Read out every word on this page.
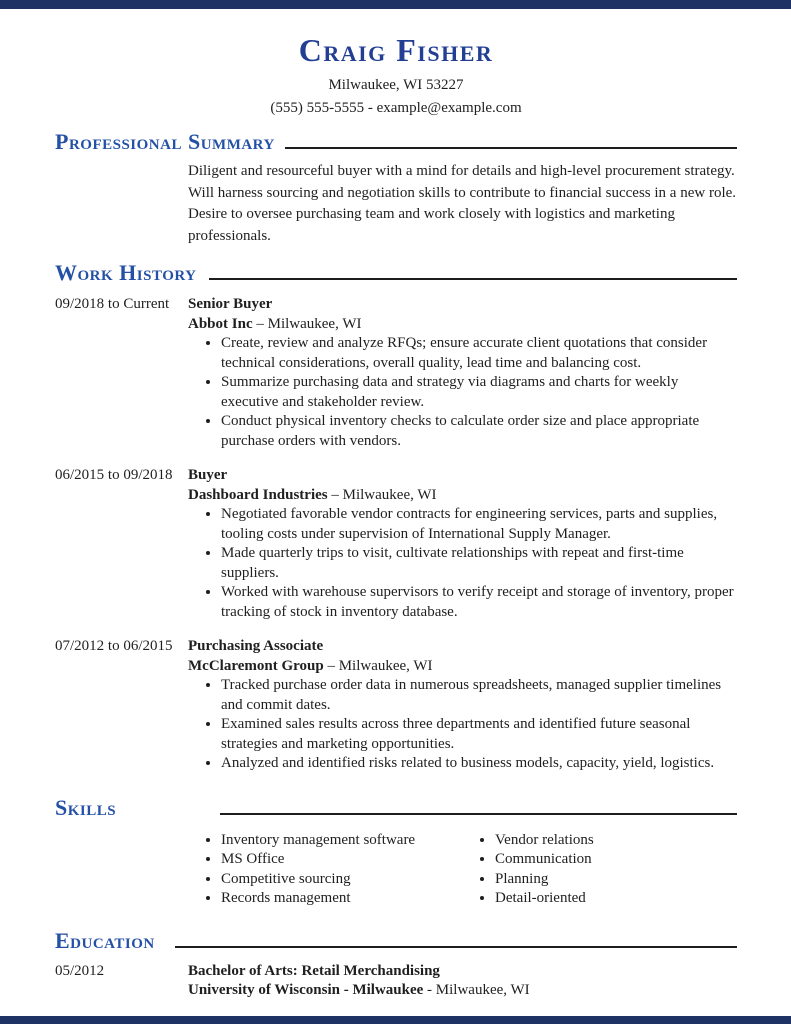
Craig Fisher
Milwaukee, WI 53227
(555) 555-5555 - example@example.com
Professional Summary

Diligent and resourceful buyer with a mind for details and high-level procurement strategy. Will harness sourcing and negotiation skills to contribute to financial success in a new role. Desire to oversee purchasing team and work closely with logistics and marketing professionals.

Work History
09/2018 to Current	Senior Buyer
Abbot Inc – Milwaukee, WI
• Create, review and analyze RFQs; ensure accurate client quotations that consider technical considerations, overall quality, lead time and balancing cost.
• Summarize purchasing data and strategy via diagrams and charts for weekly executive and stakeholder review.
• Conduct physical inventory checks to calculate order size and place appropriate purchase orders with vendors.
06/2015 to 09/2018	Buyer
Dashboard Industries – Milwaukee, WI
• Negotiated favorable vendor contracts for engineering services, parts and supplies, tooling costs under supervision of International Supply Manager.
• Made quarterly trips to visit, cultivate relationships with repeat and first-time suppliers.
• Worked with warehouse supervisors to verify receipt and storage of inventory, proper tracking of stock in inventory database.
07/2012 to 06/2015	Purchasing Associate
McClaremont Group – Milwaukee, WI
• Tracked purchase order data in numerous spreadsheets, managed supplier timelines and commit dates.
• Examined sales results across three departments and identified future seasonal strategies and marketing opportunities.
• Analyzed and identified risks related to business models, capacity, yield, logistics.
Skills
• Inventory management software
• MS Office
• Competitive sourcing
• Records management
• Vendor relations
• Communication
• Planning
• Detail-oriented
Education
05/2012	Bachelor of Arts: Retail Merchandising
University of Wisconsin - Milwaukee - Milwaukee, WI
